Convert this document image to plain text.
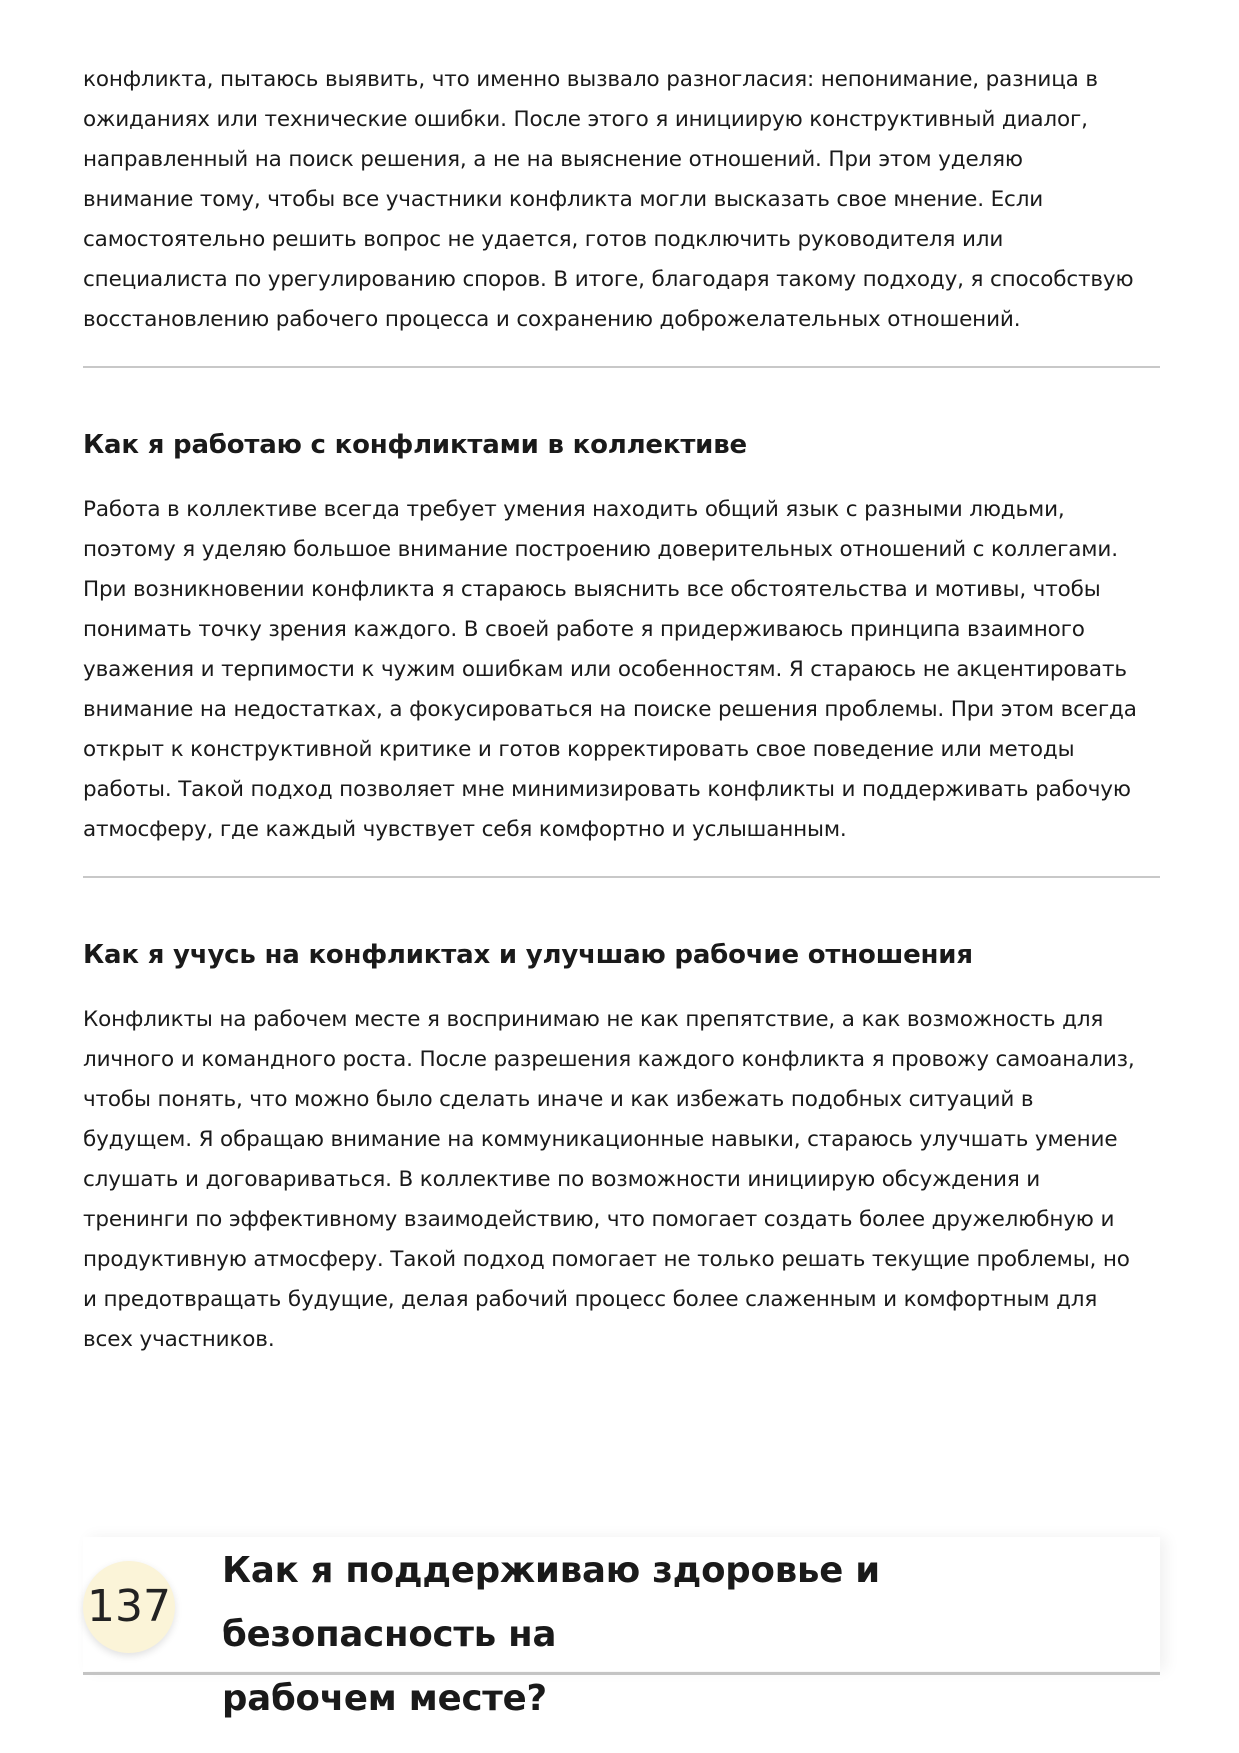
конфликта, пытаюсь выявить, что именно вызвало разногласия: непонимание, разница в
ожиданиях или технические ошибки. После этого я инициирую конструктивный диалог,
направленный на поиск решения, а не на выяснение отношений. При этом уделяю
внимание тому, чтобы все участники конфликта могли высказать свое мнение. Если
самостоятельно решить вопрос не удается, готов подключить руководителя или
специалиста по урегулированию споров. В итоге, благодаря такому подходу, я способствую
восстановлению рабочего процесса и сохранению доброжелательных отношений.

Как я работаю с конфликтами в коллективе

Работа в коллективе всегда требует умения находить общий язык с разными людьми,
поэтому я уделяю большое внимание построению доверительных отношений с коллегами.
При возникновении конфликта я стараюсь выяснить все обстоятельства и мотивы, чтобы
понимать точку зрения каждого. В своей работе я придерживаюсь принципа взаимного
уважения и терпимости к чужим ошибкам или особенностям. Я стараюсь не акцентировать
внимание на недостатках, а фокусироваться на поиске решения проблемы. При этом всегда
открыт к конструктивной критике и готов корректировать свое поведение или методы
работы. Такой подход позволяет мне минимизировать конфликты и поддерживать рабочую
атмосферу, где каждый чувствует себя комфортно и услышанным.

Как я учусь на конфликтах и улучшаю рабочие отношения

Конфликты на рабочем месте я воспринимаю не как препятствие, а как возможность для
личного и командного роста. После разрешения каждого конфликта я провожу самоанализ,
чтобы понять, что можно было сделать иначе и как избежать подобных ситуаций в
будущем. Я обращаю внимание на коммуникационные навыки, стараюсь улучшать умение
слушать и договариваться. В коллективе по возможности инициирую обсуждения и
тренинги по эффективному взаимодействию, что помогает создать более дружелюбную и
продуктивную атмосферу. Такой подход помогает не только решать текущие проблемы, но
и предотвращать будущие, делая рабочий процесс более слаженным и комфортным для
всех участников.

137
Как я поддерживаю здоровье и безопасность на
рабочем месте?
